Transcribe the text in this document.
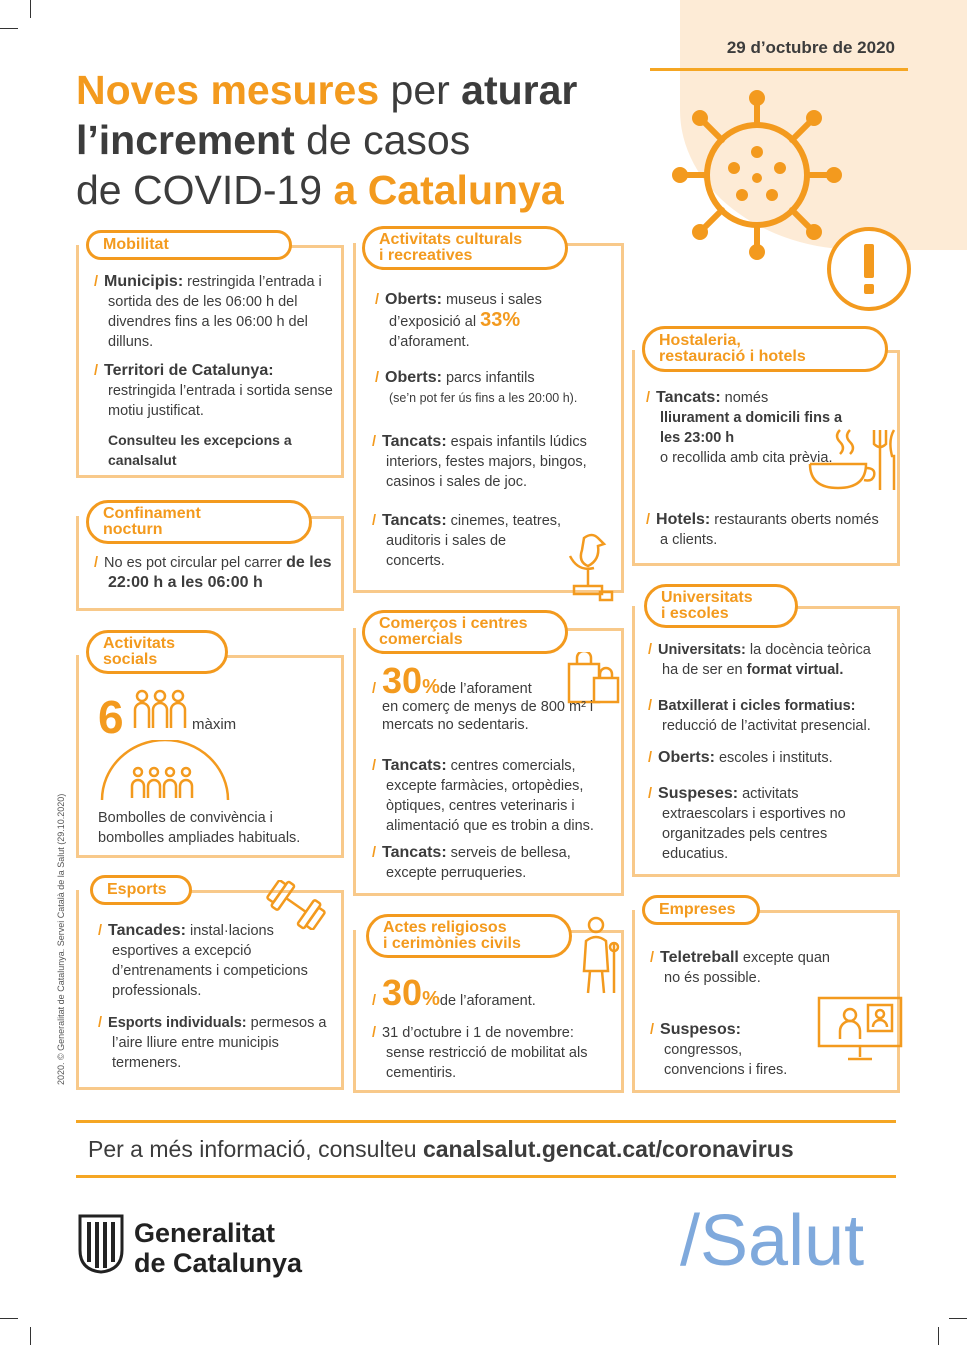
29 d’octubre de 2020
Noves mesures per aturar
l’increment de casos
de COVID-19 a Catalunya
Mobilitat
/ Municipis: restringida l’entrada i sortida des de les 06:00 h del divendres fins a les 06:00 h del dilluns.
/ Territori de Catalunya: restringida l’entrada i sortida sense motiu justificat.
Consulteu les excepcions a canalsalut
Confinament
nocturn
/ No es pot circular pel carrer de les 22:00 h a les 06:00 h
Activitats
socials
6	màxim
Bombolles de convivència i bombolles ampliades habituals.
Esports
/ Tancades: instal·lacions esportives a excepció d’entrenaments i competicions professionals.
/ Esports individuals: permesos a l’aire lliure entre municipis termeners.
Activitats culturals
i recreatives
/ Oberts: museus i sales d’exposició al 33% d’aforament.
/ Oberts: parcs infantils
(se’n pot fer ús fins a les 20:00 h).
/ Tancats: espais infantils lúdics interiors, festes majors, bingos, casinos i sales de joc.
/ Tancats: cinemes, teatres, auditoris i sales de concerts.
Comerços i centres
comercials
/ 30%de l’aforament
en comerç de menys de 800 m² i mercats no sedentaris.
/ Tancats: centres comercials, excepte farmàcies, ortopèdies, òptiques, centres veterinaris i alimentació que es trobin a dins.
/ Tancats: serveis de bellesa, excepte perruqueries.
Actes religiosos
i cerimònies civils
/ 30%de l’aforament.
/ 31 d’octubre i 1 de novembre: sense restricció de mobilitat als cementiris.
Hostaleria,
restauració i hotels
/ Tancats: només
lliurament a domicili fins a les 23:00 h
o recollida amb cita prèvia.
/ Hotels: restaurants oberts només a clients.
Universitats
i escoles
/ Universitats: la docència teòrica ha de ser en format virtual.
/ Batxillerat i cicles formatius: reducció de l’activitat presencial.
/ Oberts: escoles i instituts.
/ Suspeses: activitats extraescolars i esportives no organitzades pels centres educatius.
Empreses
/ Teletreball excepte quan no és possible.
/ Suspesos: congressos, convencions i fires.
2020. © Generalitat de Catalunya. Servei Català de la Salut (29.10.2020)
Per a més informació, consulteu canalsalut.gencat.cat/coronavirus
Generalitat
de Catalunya	/Salut
